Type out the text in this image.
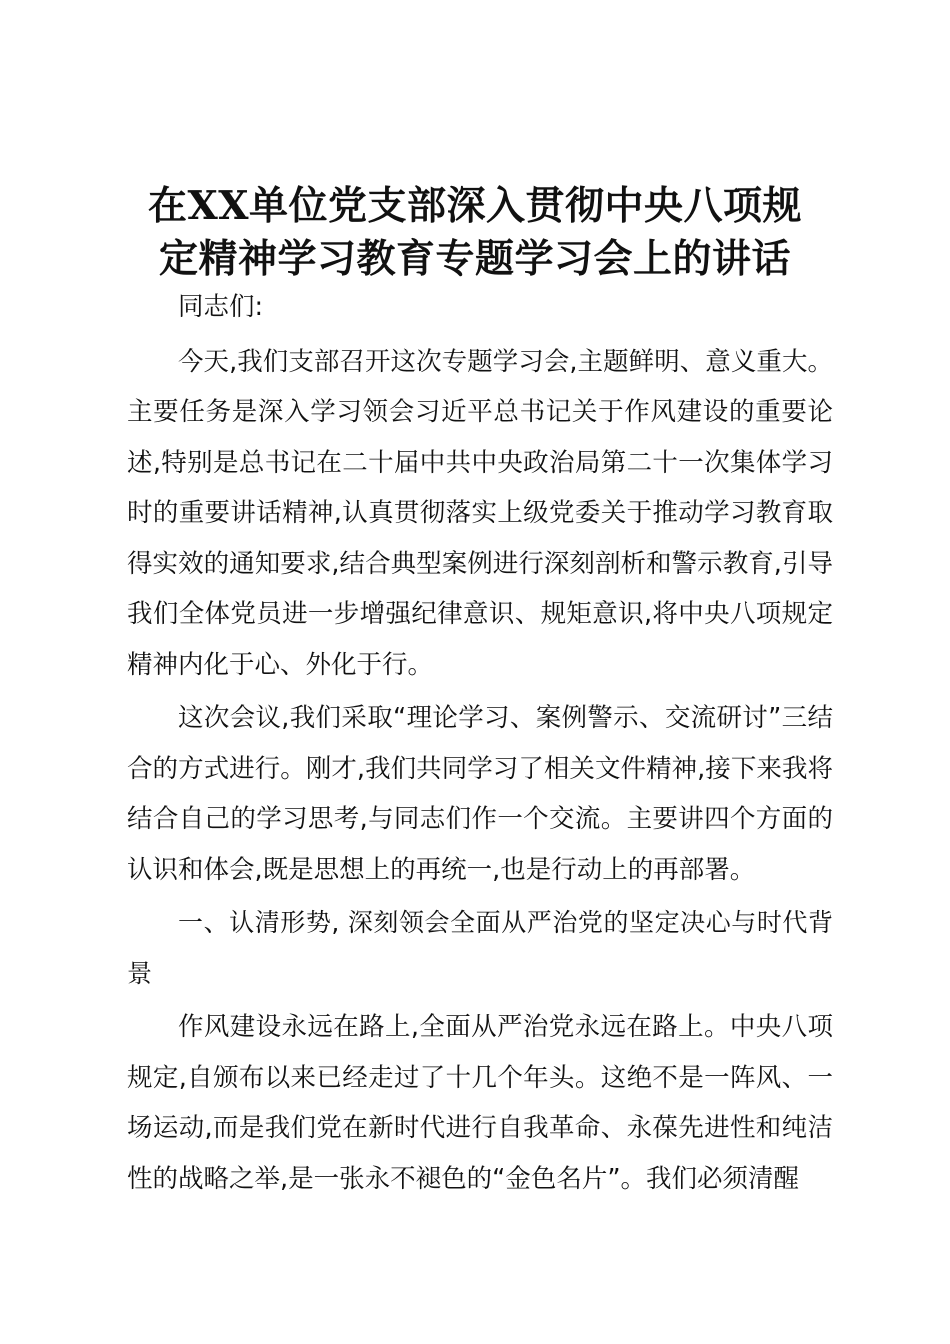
在XX单位党支部深入贯彻中央八项规
定精神学习教育专题学习会上的讲话

同志们:

今天,我们支部召开这次专题学习会,主题鲜明、意义重大。主要任务是深入学习领会习近平总书记关于作风建设的重要论述,特别是总书记在二十届中共中央政治局第二十一次集体学习时的重要讲话精神,认真贯彻落实上级党委关于推动学习教育取得实效的通知要求,结合典型案例进行深刻剖析和警示教育,引导我们全体党员进一步增强纪律意识、规矩意识,将中央八项规定精神内化于心、外化于行。

这次会议,我们采取“理论学习、案例警示、交流研讨”三结合的方式进行。刚才,我们共同学习了相关文件精神,接下来我将结合自己的学习思考,与同志们作一个交流。主要讲四个方面的认识和体会,既是思想上的再统一,也是行动上的再部署。

一、认清形势, 深刻领会全面从严治党的坚定决心与时代背景

作风建设永远在路上,全面从严治党永远在路上。中央八项规定,自颁布以来已经走过了十几个年头。这绝不是一阵风、一场运动,而是我们党在新时代进行自我革命、永葆先进性和纯洁性的战略之举,是一张永不褪色的“金色名片”。我们必须清醒
